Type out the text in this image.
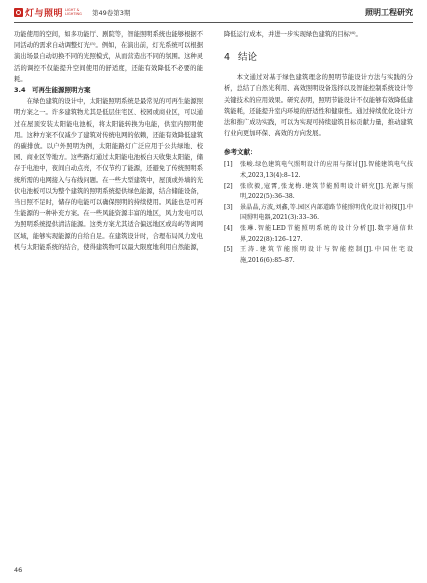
灯与照明 LIGHT & LIGHTING	第49卷第3期	照明工程研究

功能使用的空间，如多功能厅、剧院等，智能照明系统也能够根据不同活动的需求自动调整灯光⁽⁵⁾。例如，在演出前，灯光系统可以根据演出场景自动切换不同的光照模式，从而营造出不同的氛围。这种灵活的调控不仅能提升空间使用的舒适度，还能有效降低不必要的能耗。

3.4　可再生能源照明方案

在绿色建筑的设计中，太阳能照明系统是最常见的可再生能源照明方案之一。许多建筑物尤其是低层住宅区、校园或商业区，可以通过在屋顶安装太阳能电池板，将太阳能转换为电能，供室内照明使用。这种方案不仅减少了建筑对传统电网的依赖，还能有效降低建筑的碳排放。以户外照明为例，太阳能路灯广泛应用于公共绿地、校园、商业区等地方。这些路灯通过太阳能电池板白天收集太阳能，储存于电池中，夜间自动点亮，不仅节约了能源，还避免了传统照明系统所需的电网接入与布线问题。在一些大型建筑中，屋顶或外墙的光伏电池板可以为整个建筑的照明系统提供绿色能源，结合储能设备，当日照不足时，储存的电能可以确保照明的持续使用。风能也是可再生能源的一种补充方案。在一些风能资源丰富的地区，风力发电可以为照明系统提供清洁能源。这类方案尤其适合偏远地区或岛屿等离网区域，能够实现能源的自给自足。在建筑设计时，合理布局风力发电机与太阳能系统的结合，使得建筑物可以最大限度地利用自然能源，

降低运行成本，并进一步实现绿色建筑的目标⁽⁶⁾。

4 结论

本文通过对基于绿色建筑理念的照明节能设计方法与实践的分析，总结了自然光利用、高效照明设备选择以及智能控制系统设计等关键技术的应用效果。研究表明，照明节能设计不仅能够有效降低建筑能耗，还能提升室内环境的舒适性和健康性。通过持续优化设计方法和推广成功实践，可以为实现可持续建筑目标贡献力量，推动建筑行业向更加环保、高效的方向发展。

参考文献：
[1]	张峻.绿色建筑电气照明设计的应用与探讨[J].智能建筑电气技术,2023,13(4):8–12.
[2]	张欣毅,寇霄,张龙梅.建筑节能照明设计研究[J].光源与照明,2022(5):36–38.
[3]	景晶晶,方波,刘鑫,等.园区内部道路节能照明优化设计初探[J].中国照明电器,2021(3):33–36.
[4]	张琳.智能LED节能照明系统的设计分析[J].数字通信世界,2022(8):126–127.
[5]	王涛.建筑节能照明设计与智能控制[J].中国住宅设施,2016(6):85–87.
46
